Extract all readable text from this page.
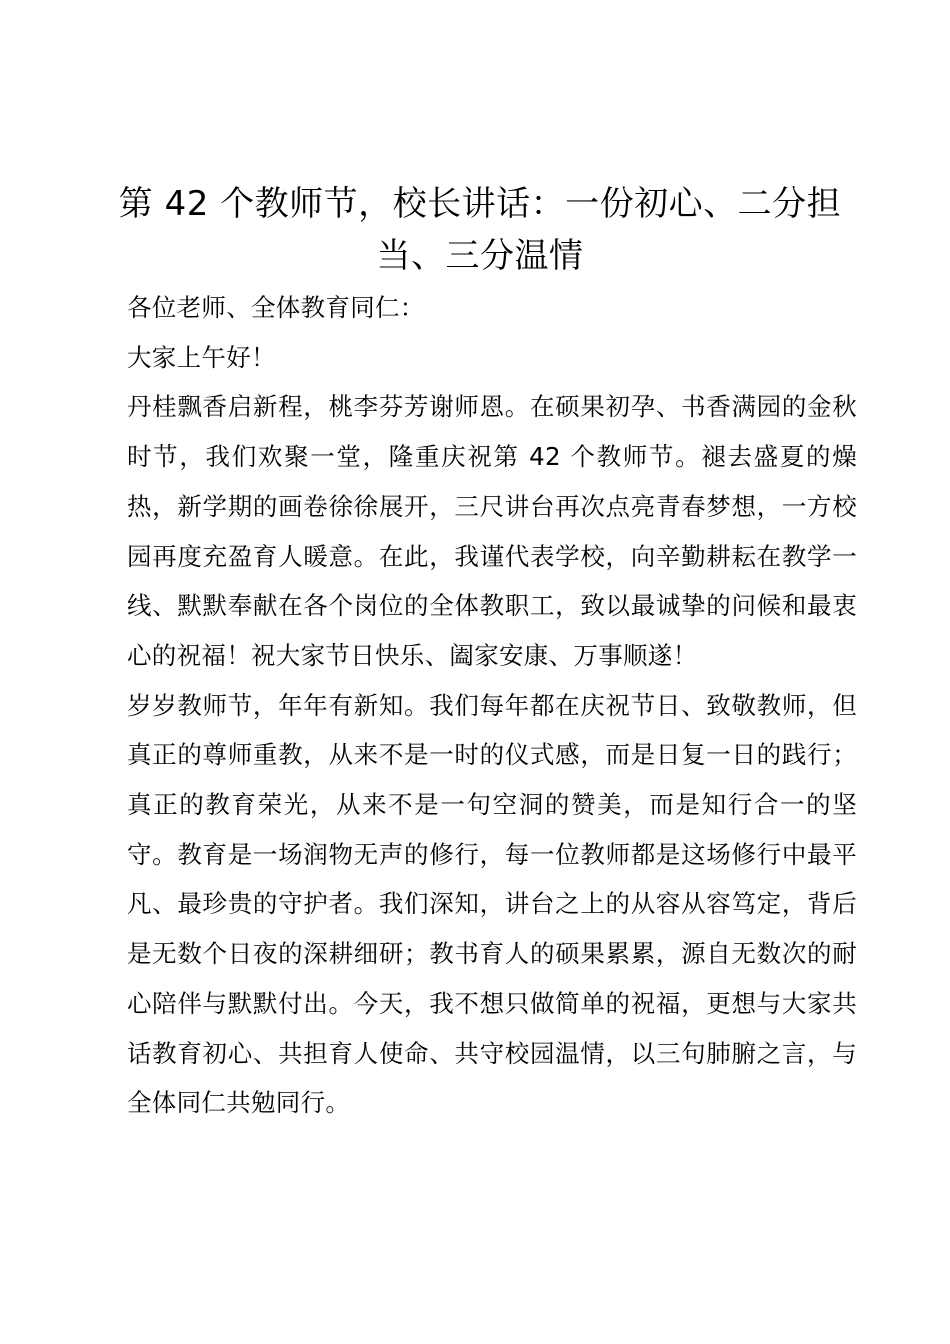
第 42 个教师节，校长讲话：一份初心、二分担当、三分温情

各位老师、全体教育同仁：

大家上午好！

丹桂飘香启新程，桃李芬芳谢师恩。在硕果初孕、书香满园的金秋时节，我们欢聚一堂，隆重庆祝第 42 个教师节。褪去盛夏的燥热，新学期的画卷徐徐展开，三尺讲台再次点亮青春梦想，一方校园再度充盈育人暖意。在此，我谨代表学校，向辛勤耕耘在教学一线、默默奉献在各个岗位的全体教职工，致以最诚挚的问候和最衷心的祝福！祝大家节日快乐、阖家安康、万事顺遂！

岁岁教师节，年年有新知。我们每年都在庆祝节日、致敬教师，但真正的尊师重教，从来不是一时的仪式感，而是日复一日的践行；真正的教育荣光，从来不是一句空洞的赞美，而是知行合一的坚守。教育是一场润物无声的修行，每一位教师都是这场修行中最平凡、最珍贵的守护者。我们深知，讲台之上的从容从容笃定，背后是无数个日夜的深耕细研；教书育人的硕果累累，源自无数次的耐心陪伴与默默付出。今天，我不想只做简单的祝福，更想与大家共话教育初心、共担育人使命、共守校园温情，以三句肺腑之言，与全体同仁共勉同行。
